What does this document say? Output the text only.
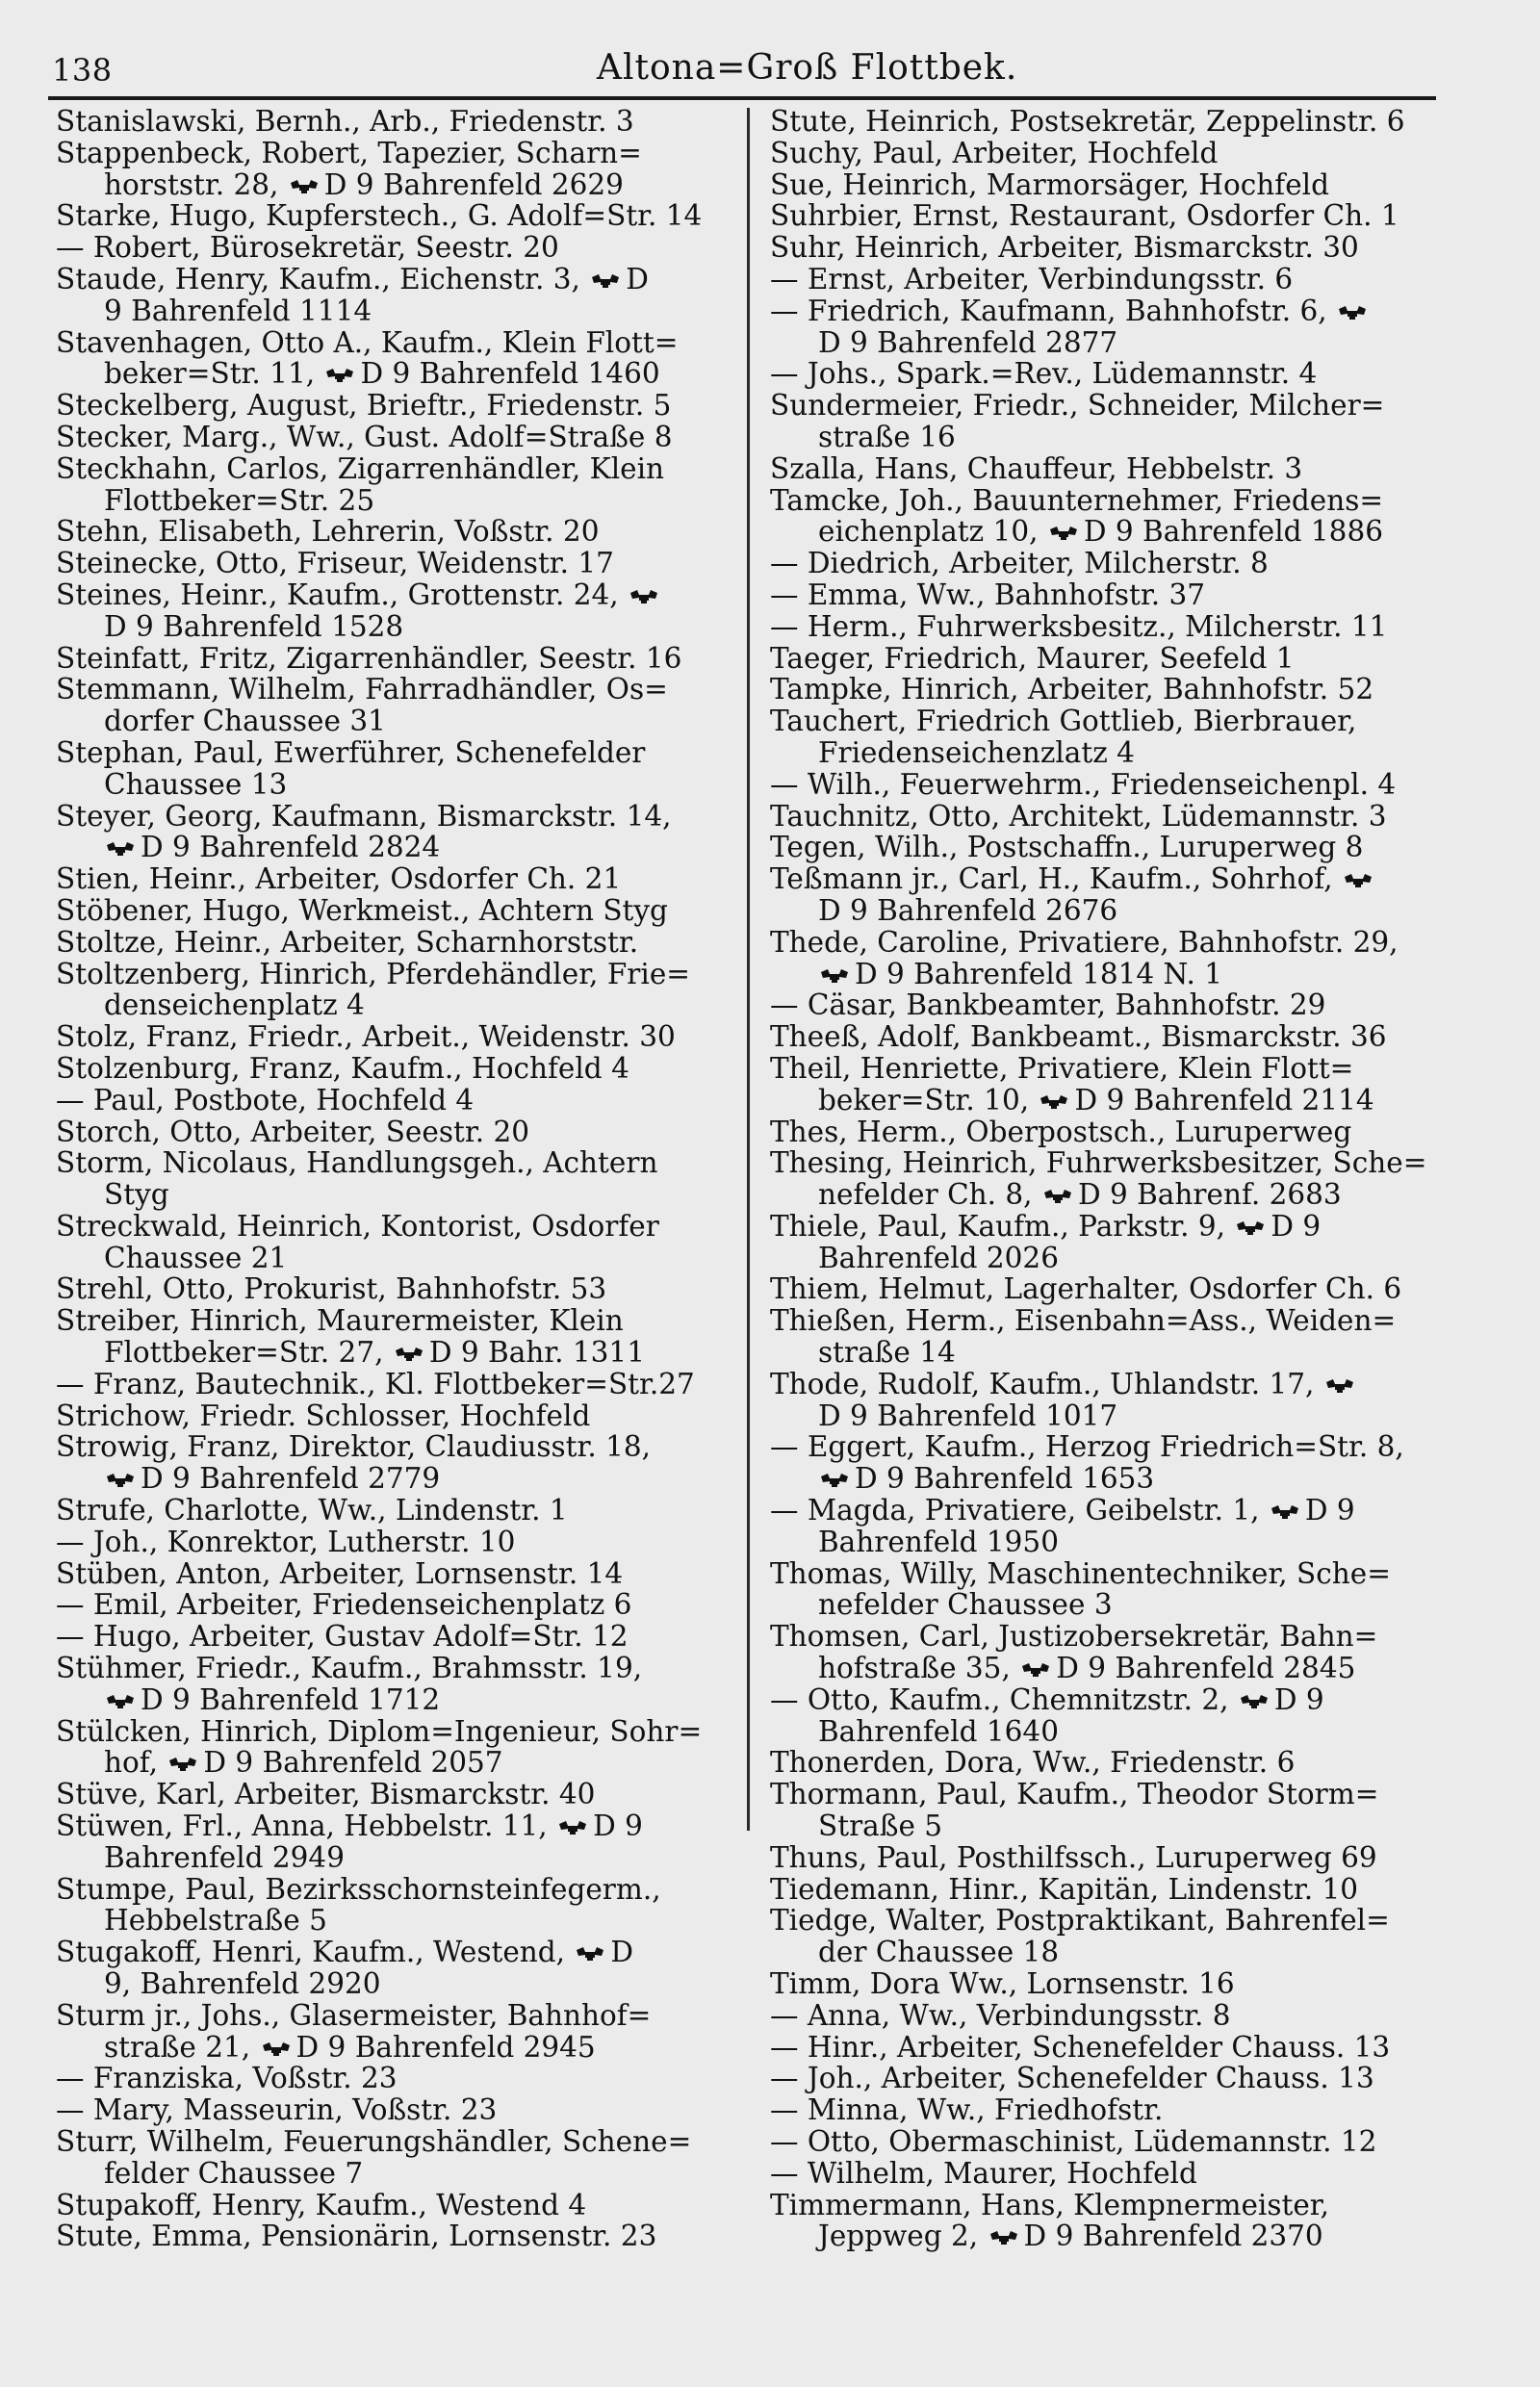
138	Altona=Groß Flottbek.
Stanislawski, Bernh., Arb., Friedenstr. 3
Stappenbeck, Robert, Tapezier, Scharn=
horststr. 28,
D 9 Bahrenfeld 2629
Starke, Hugo, Kupferstech., G. Adolf=Str. 14
— Robert, Bürosekretär, Seestr. 20
Staude, Henry, Kaufm., Eichenstr. 3,
D
9 Bahrenfeld 1114
Stavenhagen, Otto A., Kaufm., Klein Flott=
beker=Str. 11,
D 9 Bahrenfeld 1460
Steckelberg, August, Brieftr., Friedenstr. 5
Stecker, Marg., Ww., Gust. Adolf=Straße 8
Steckhahn, Carlos, Zigarrenhändler, Klein
Flottbeker=Str. 25
Stehn, Elisabeth, Lehrerin, Voßstr. 20
Steinecke, Otto, Friseur, Weidenstr. 17
Steines, Heinr., Kaufm., Grottenstr. 24,
D 9 Bahrenfeld 1528
Steinfatt, Fritz, Zigarrenhändler, Seestr. 16
Stemmann, Wilhelm, Fahrradhändler, Os=
dorfer Chaussee 31
Stephan, Paul, Ewerführer, Schenefelder
Chaussee 13
Steyer, Georg, Kaufmann, Bismarckstr. 14,
D 9 Bahrenfeld 2824
Stien, Heinr., Arbeiter, Osdorfer Ch. 21
Stöbener, Hugo, Werkmeist., Achtern Styg
Stoltze, Heinr., Arbeiter, Scharnhorststr.
Stoltzenberg, Hinrich, Pferdehändler, Frie=
denseichenplatz 4
Stolz, Franz, Friedr., Arbeit., Weidenstr. 30
Stolzenburg, Franz, Kaufm., Hochfeld 4
— Paul, Postbote, Hochfeld 4
Storch, Otto, Arbeiter, Seestr. 20
Storm, Nicolaus, Handlungsgeh., Achtern
Styg
Streckwald, Heinrich, Kontorist, Osdorfer
Chaussee 21
Strehl, Otto, Prokurist, Bahnhofstr. 53
Streiber, Hinrich, Maurermeister, Klein
Flottbeker=Str. 27,
D 9 Bahr. 1311
— Franz, Bautechnik., Kl. Flottbeker=Str.27
Strichow, Friedr. Schlosser, Hochfeld
Strowig, Franz, Direktor, Claudiusstr. 18,
D 9 Bahrenfeld 2779
Strufe, Charlotte, Ww., Lindenstr. 1
— Joh., Konrektor, Lutherstr. 10
Stüben, Anton, Arbeiter, Lornsenstr. 14
— Emil, Arbeiter, Friedenseichenplatz 6
— Hugo, Arbeiter, Gustav Adolf=Str. 12
Stühmer, Friedr., Kaufm., Brahmsstr. 19,
D 9 Bahrenfeld 1712
Stülcken, Hinrich, Diplom=Ingenieur, Sohr=
hof,
D 9 Bahrenfeld 2057
Stüve, Karl, Arbeiter, Bismarckstr. 40
Stüwen, Frl., Anna, Hebbelstr. 11,
D 9
Bahrenfeld 2949
Stumpe, Paul, Bezirksschornsteinfegerm.,
Hebbelstraße 5
Stugakoff, Henri, Kaufm., Westend,
D
9, Bahrenfeld 2920
Sturm jr., Johs., Glasermeister, Bahnhof=
straße 21,
D 9 Bahrenfeld 2945
— Franziska, Voßstr. 23
— Mary, Masseurin, Voßstr. 23
Sturr, Wilhelm, Feuerungshändler, Schene=
felder Chaussee 7
Stupakoff, Henry, Kaufm., Westend 4
Stute, Emma, Pensionärin, Lornsenstr. 23
Stute, Heinrich, Postsekretär, Zeppelinstr. 6
Suchy, Paul, Arbeiter, Hochfeld
Sue, Heinrich, Marmorsäger, Hochfeld
Suhrbier, Ernst, Restaurant, Osdorfer Ch. 1
Suhr, Heinrich, Arbeiter, Bismarckstr. 30
— Ernst, Arbeiter, Verbindungsstr. 6
— Friedrich, Kaufmann, Bahnhofstr. 6,
D 9 Bahrenfeld 2877
— Johs., Spark.=Rev., Lüdemannstr. 4
Sundermeier, Friedr., Schneider, Milcher=
straße 16
Szalla, Hans, Chauffeur, Hebbelstr. 3
Tamcke, Joh., Bauunternehmer, Friedens=
eichenplatz 10,
D 9 Bahrenfeld 1886
— Diedrich, Arbeiter, Milcherstr. 8
— Emma, Ww., Bahnhofstr. 37
— Herm., Fuhrwerksbesitz., Milcherstr. 11
Taeger, Friedrich, Maurer, Seefeld 1
Tampke, Hinrich, Arbeiter, Bahnhofstr. 52
Tauchert, Friedrich Gottlieb, Bierbrauer,
Friedenseichenzlatz 4
— Wilh., Feuerwehrm., Friedenseichenpl. 4
Tauchnitz, Otto, Architekt, Lüdemannstr. 3
Tegen, Wilh., Postschaffn., Luruperweg 8
Teßmann jr., Carl, H., Kaufm., Sohrhof,
D 9 Bahrenfeld 2676
Thede, Caroline, Privatiere, Bahnhofstr. 29,
D 9 Bahrenfeld 1814 N. 1
— Cäsar, Bankbeamter, Bahnhofstr. 29
Theeß, Adolf, Bankbeamt., Bismarckstr. 36
Theil, Henriette, Privatiere, Klein Flott=
beker=Str. 10,
D 9 Bahrenfeld 2114
Thes, Herm., Oberpostsch., Luruperweg
Thesing, Heinrich, Fuhrwerksbesitzer, Sche=
nefelder Ch. 8,
D 9 Bahrenf. 2683
Thiele, Paul, Kaufm., Parkstr. 9,
D 9
Bahrenfeld 2026
Thiem, Helmut, Lagerhalter, Osdorfer Ch. 6
Thießen, Herm., Eisenbahn=Ass., Weiden=
straße 14
Thode, Rudolf, Kaufm., Uhlandstr. 17,
D 9 Bahrenfeld 1017
— Eggert, Kaufm., Herzog Friedrich=Str. 8,
D 9 Bahrenfeld 1653
— Magda, Privatiere, Geibelstr. 1,
D 9
Bahrenfeld 1950
Thomas, Willy, Maschinentechniker, Sche=
nefelder Chaussee 3
Thomsen, Carl, Justizobersekretär, Bahn=
hofstraße 35,
D 9 Bahrenfeld 2845
— Otto, Kaufm., Chemnitzstr. 2,
D 9
Bahrenfeld 1640
Thonerden, Dora, Ww., Friedenstr. 6
Thormann, Paul, Kaufm., Theodor Storm=
Straße 5
Thuns, Paul, Posthilfssch., Luruperweg 69
Tiedemann, Hinr., Kapitän, Lindenstr. 10
Tiedge, Walter, Postpraktikant, Bahrenfel=
der Chaussee 18
Timm, Dora Ww., Lornsenstr. 16
— Anna, Ww., Verbindungsstr. 8
— Hinr., Arbeiter, Schenefelder Chauss. 13
— Joh., Arbeiter, Schenefelder Chauss. 13
— Minna, Ww., Friedhofstr.
— Otto, Obermaschinist, Lüdemannstr. 12
— Wilhelm, Maurer, Hochfeld
Timmermann, Hans, Klempnermeister,
Jeppweg 2,
D 9 Bahrenfeld 2370
